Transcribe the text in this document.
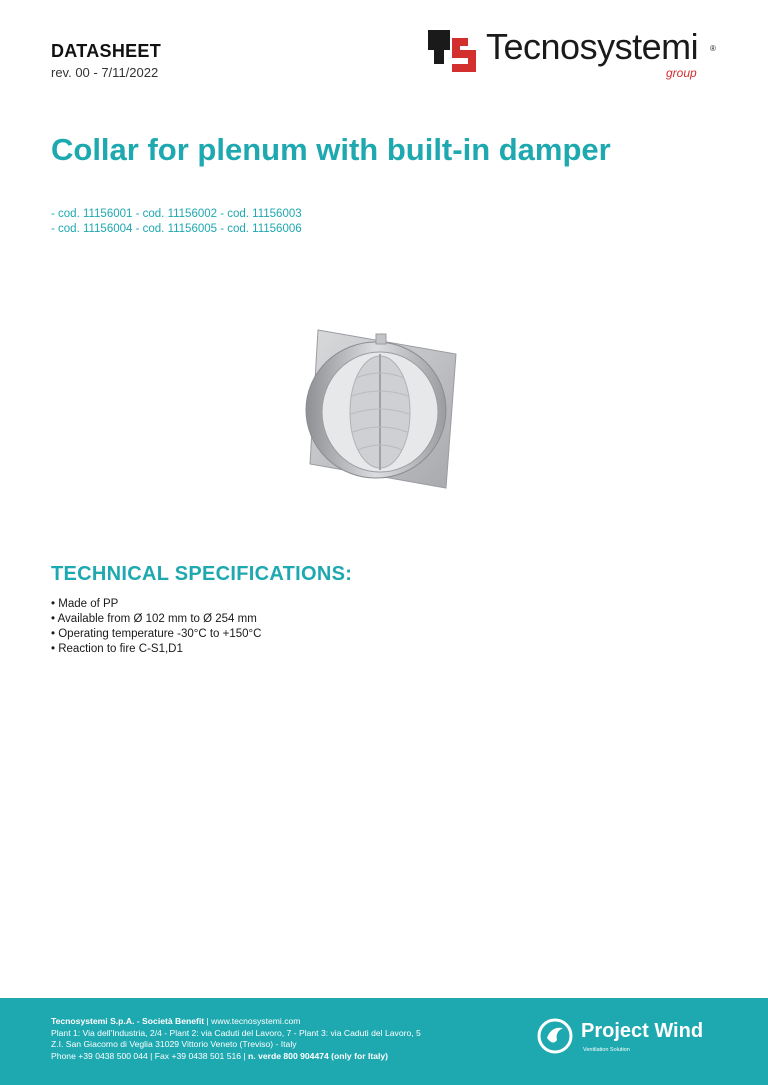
DATASHEET
rev. 00 - 7/11/2022
Tecnosystemi ®
group
Collar for plenum with built-in damper
- cod. 11156001 - cod. 11156002 - cod. 11156003
- cod. 11156004 - cod. 11156005 - cod. 11156006
TECHNICAL SPECIFICATIONS:
• Made of PP
• Available from Ø 102 mm to Ø 254 mm
• Operating temperature -30°C to +150°C
• Reaction to fire C-S1,D1
Tecnosystemi S.p.A. - Società Benefit | www.tecnosystemi.com
Plant 1: Via dell'Industria, 2/4 - Plant 2: via Caduti del Lavoro, 7 - Plant 3: via Caduti del Lavoro, 5
Z.I. San Giacomo di Veglia 31029 Vittorio Veneto (Treviso) - Italy
Phone +39 0438 500 044 | Fax +39 0438 501 516 | n. verde 800 904474 (only for Italy)
Project Wind
Ventilation Solution
